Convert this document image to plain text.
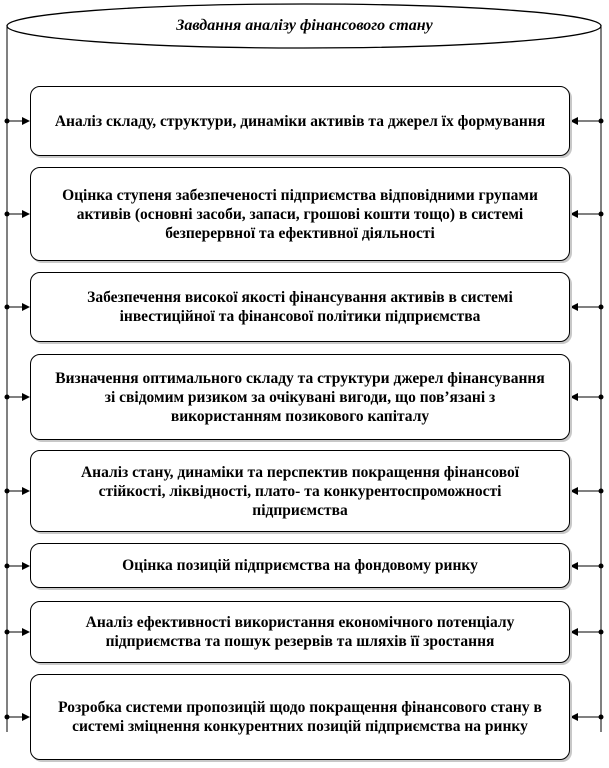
Завдання аналізу фінансового стану
Аналіз складу, структури, динаміки активів та джерел їх формування
Оцінка ступеня забезпеченості підприємства відповідними групами активів (основні засоби, запаси, грошові кошти тощо) в системі безперервної та ефективної діяльності
Забезпечення високої якості фінансування активів в системі інвестиційної та фінансової політики підприємства
Визначення оптимального складу та структури джерел фінансування зі свідомим ризиком за очікувані вигоди, що пов’язані з використанням позикового капіталу
Аналіз стану, динаміки та перспектив покращення фінансової стійкості, ліквідності, плато- та конкурентоспроможності підприємства
Оцінка позицій підприємства на фондовому ринку
Аналіз ефективності використання економічного потенціалу підприємства та пошук резервів та шляхів її зростання
Розробка системи пропозицій щодо покращення фінансового стану в системі зміцнення конкурентних позицій підприємства на ринку
